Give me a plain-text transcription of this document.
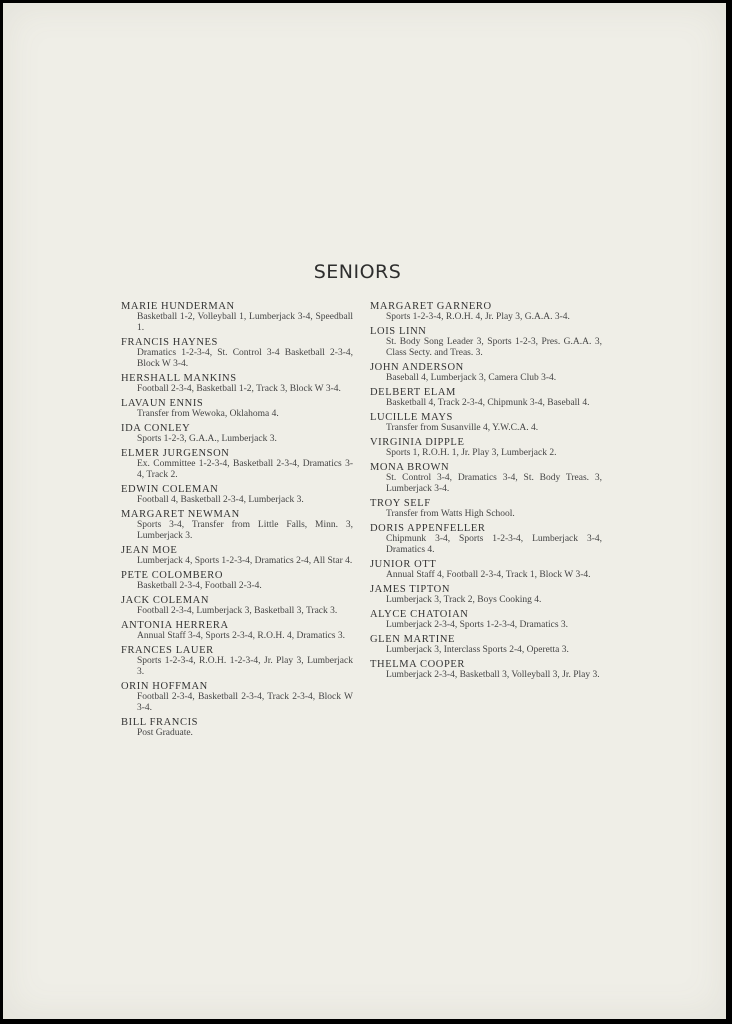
SENIORS
MARIE HUNDERMAN
Basketball 1-2, Volleyball 1, Lumberjack 3-4, Speedball 1.
FRANCIS HAYNES
Dramatics 1-2-3-4, St. Control 3-4 Basketball 2-3-4, Block W 3-4.
HERSHALL MANKINS
Football 2-3-4, Basketball 1-2, Track 3, Block W 3-4.
LAVAUN ENNIS
Transfer from Wewoka, Oklahoma 4.
IDA CONLEY
Sports 1-2-3, G.A.A., Lumberjack 3.
ELMER JURGENSON
Ex. Committee 1-2-3-4, Basketball 2-3-4, Dramatics 3-4, Track 2.
EDWIN COLEMAN
Football 4, Basketball 2-3-4, Lumberjack 3.
MARGARET NEWMAN
Sports 3-4, Transfer from Little Falls, Minn. 3, Lumberjack 3.
JEAN MOE
Lumberjack 4, Sports 1-2-3-4, Dramatics 2-4, All Star 4.
PETE COLOMBERO
Basketball 2-3-4, Football 2-3-4.
JACK COLEMAN
Football 2-3-4, Lumberjack 3, Basketball 3, Track 3.
ANTONIA HERRERA
Annual Staff 3-4, Sports 2-3-4, R.O.H. 4, Dramatics 3.
FRANCES LAUER
Sports 1-2-3-4, R.O.H. 1-2-3-4, Jr. Play 3, Lumberjack 3.
ORIN HOFFMAN
Football 2-3-4, Basketball 2-3-4, Track 2-3-4, Block W 3-4.
BILL FRANCIS
Post Graduate.
MARGARET GARNERO
Sports 1-2-3-4, R.O.H. 4, Jr. Play 3, G.A.A. 3-4.
LOIS LINN
St. Body Song Leader 3, Sports 1-2-3, Pres. G.A.A. 3, Class Secty. and Treas. 3.
JOHN ANDERSON
Baseball 4, Lumberjack 3, Camera Club 3-4.
DELBERT ELAM
Basketball 4, Track 2-3-4, Chipmunk 3-4, Baseball 4.
LUCILLE MAYS
Transfer from Susanville 4, Y.W.C.A. 4.
VIRGINIA DIPPLE
Sports 1, R.O.H. 1, Jr. Play 3, Lumberjack 2.
MONA BROWN
St. Control 3-4, Dramatics 3-4, St. Body Treas. 3, Lumberjack 3-4.
TROY SELF
Transfer from Watts High School.
DORIS APPENFELLER
Chipmunk 3-4, Sports 1-2-3-4, Lumberjack 3-4, Dramatics 4.
JUNIOR OTT
Annual Staff 4, Football 2-3-4, Track 1, Block W 3-4.
JAMES TIPTON
Lumberjack 3, Track 2, Boys Cooking 4.
ALYCE CHATOIAN
Lumberjack 2-3-4, Sports 1-2-3-4, Dramatics 3.
GLEN MARTINE
Lumberjack 3, Interclass Sports 2-4, Operetta 3.
THELMA COOPER
Lumberjack 2-3-4, Basketball 3, Volleyball 3, Jr. Play 3.
